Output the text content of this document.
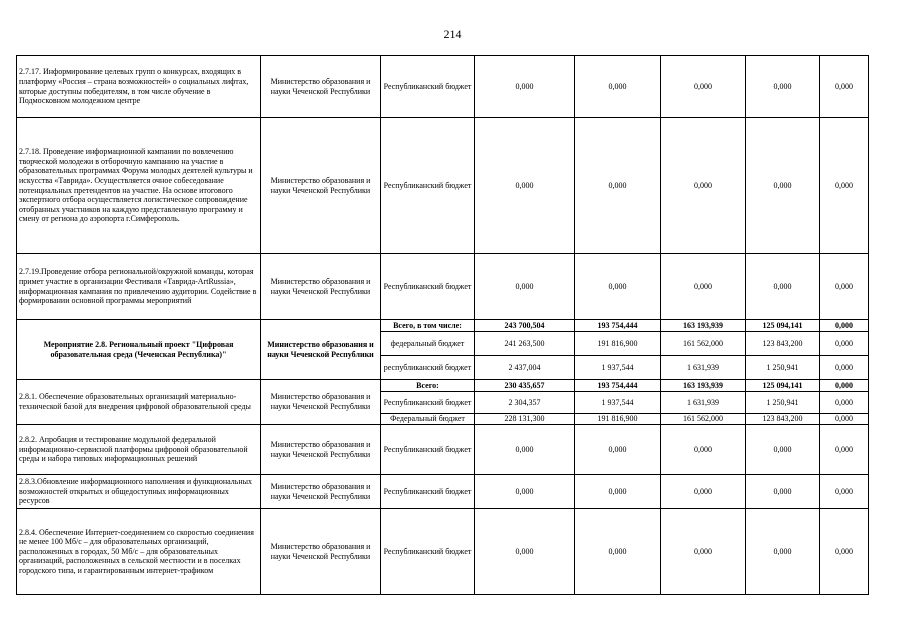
214
2.7.17. Информирование целевых групп о конкурсах, входящих в платформу «Россия – страна возможностей» о социальных лифтах, которые доступны победителям, в том числе обучение в Подмосковном молодежном центре	Министерство образования и науки Чеченской Республики	Республиканский бюджет	0,000	0,000	0,000	0,000	0,000
2.7.18. Проведение информационной кампании по вовлечению творческой молодежи в отборочную кампанию на участие в образовательных программах Форума молодых деятелей культуры и искусства «Таврида». Осуществляется очное собеседование потенциальных претендентов на участие. На основе итогового экспертного отбора осуществляется логистическое сопровождение отобранных участников на каждую представленную программу и смену от региона до аэропорта г.Симферополь.	Министерство образования и науки Чеченской Республики	Республиканский бюджет	0,000	0,000	0,000	0,000	0,000
2.7.19.Проведение отбора региональной/окружной команды, которая примет участие в организации Фестиваля «Таврида-ArtRussia», информационная кампания по привлечению аудитории. Содействие в формировании основной программы мероприятий	Министерство образования и науки Чеченской Республики	Республиканский бюджет	0,000	0,000	0,000	0,000	0,000
Мероприятие 2.8. Региональный проект "Цифровая образовательная среда (Чеченская Республика)"	Министерство образования и науки Чеченской Республики	Всего, в том числе:	243 700,504	193 754,444	163 193,939	125 094,141	0,000
		федеральный бюджет	241 263,500	191 816,900	161 562,000	123 843,200	0,000
		республиканский бюджет	2 437,004	1 937,544	1 631,939	1 250,941	0,000
2.8.1. Обеспечение образовательных организаций материально-технической базой для внедрения цифровой образовательной среды	Министерство образования и науки Чеченской Республики	Всего:	230 435,657	193 754,444	163 193,939	125 094,141	0,000
		Республиканский бюджет	2 304,357	1 937,544	1 631,939	1 250,941	0,000
		Федеральный бюджет	228 131,300	191 816,900	161 562,000	123 843,200	0,000
2.8.2. Апробация и тестирование модульной федеральной информационно-сервисной платформы цифровой образовательной среды и набора типовых информационных решений	Министерство образования и науки Чеченской Республики	Республиканский бюджет	0,000	0,000	0,000	0,000	0,000
2.8.3.Обновление информационного наполнения и функциональных возможностей открытых и общедоступных информационных ресурсов	Министерство образования и науки Чеченской Республики	Республиканский бюджет	0,000	0,000	0,000	0,000	0,000
2.8.4. Обеспечение Интернет-соединением со скоростью соединения не менее 100 Мб/с – для образовательных организаций, расположенных в городах, 50 Мб/с – для образовательных организаций, расположенных в сельской местности и в поселках городского типа, и гарантированным интернет-трафиком	Министерство образования и науки Чеченской Республики	Республиканский бюджет	0,000	0,000	0,000	0,000	0,000
